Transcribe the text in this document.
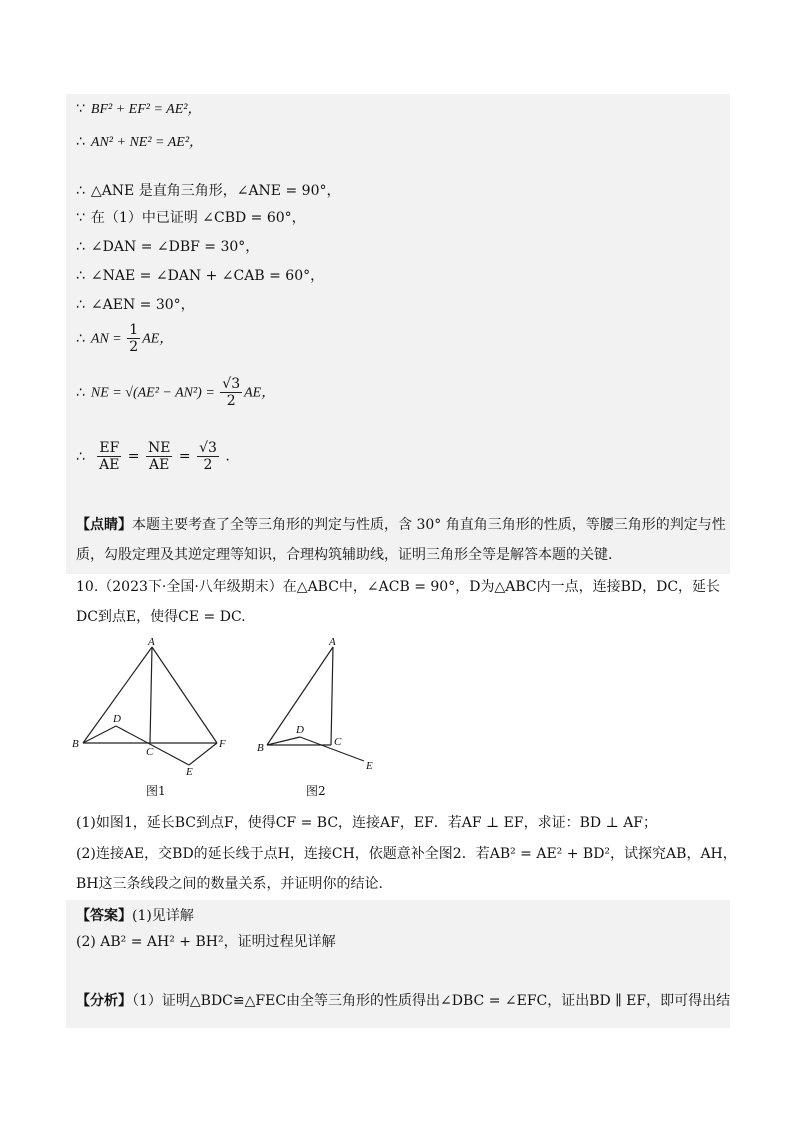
∵ BF² + EF² = AE²，
∴ AN² + NE² = AE²，
∴ △ANE 是直角三角形，∠ANE = 90°，
∵ 在（1）中已证明 ∠CBD = 60°，
∴ ∠DAN = ∠DBF = 30°，
∴ ∠NAE = ∠DAN + ∠CAB = 60°，
∴ ∠AEN = 30°，
∴ AN = $\frac{1}{2}$ AE，
∴ NE = $√(AE^2 - AN^2) = \frac{√3}{2}$ AE，
∴ $\frac{EF}{AE} = \frac{NE}{AE} = \frac{√3}{2}$ .
【点睛】本题主要考查了全等三角形的判定与性质，含 30° 角直角三角形的性质，等腰三角形的判定与性质，勾股定理及其逆定理等知识，合理构筑辅助线，证明三角形全等是解答本题的关键.
10.（2023下·全国·八年级期末）在△ABC中，∠ACB = 90°，D为△ABC内一点，连接BD，DC，延长DC到点E，使得CE = DC.
A
B
C
D
E
F
图1
A
B	C
D
E
图2
(1)如图1，延长BC到点F，使得CF = BC，连接AF，EF．若AF ⊥ EF，求证：BD ⊥ AF；
(2)连接AE，交BD的延长线于点H，连接CH，依题意补全图2．若AB² = AE² + BD²，试探究AB，AH，
BH这三条线段之间的数量关系，并证明你的结论.
【答案】(1)见详解
(2) AB² = AH² + BH²，证明过程见详解
【分析】（1）证明△BDC≌△FEC由全等三角形的性质得出∠DBC = ∠EFC，证出BD ∥ EF，即可得出结
